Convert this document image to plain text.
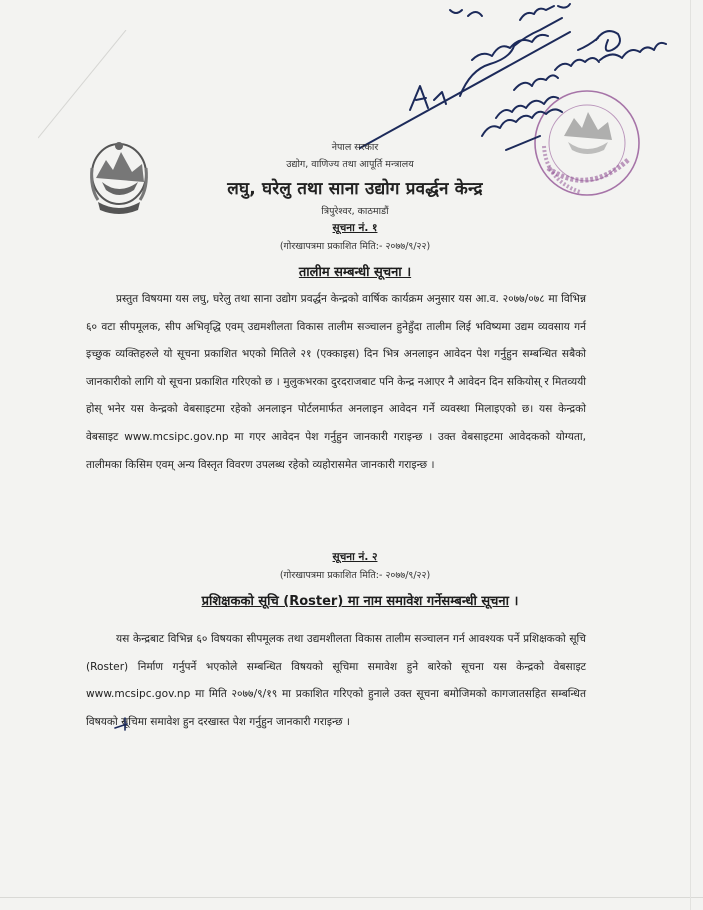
नेपाल सरकार
उद्योग, वाणिज्य तथा आपूर्ति मन्त्रालय
लघु, घरेलु तथा साना उद्योग प्रवर्द्धन केन्द्र
त्रिपुरेश्वर, काठमाडौं
सूचना नं. १
(गोरखापत्रमा प्रकाशित मिति:- २०७७/९/२२)
तालीम सम्बन्धी सूचना ।
प्रस्तुत विषयमा यस लघु, घरेलु तथा साना उद्योग प्रवर्द्धन केन्द्रको वार्षिक कार्यक्रम अनुसार यस आ.व. २०७७/०७८ मा विभिन्न ६० वटा सीपमूलक, सीप अभिवृद्धि एवम् उद्यमशीलता विकास तालीम सञ्चालन हुनेहुँदा तालीम लिई भविष्यमा उद्यम व्यवसाय गर्न इच्छुक व्यक्तिहरुले यो सूचना प्रकाशित भएको मितिले २१ (एक्काइस) दिन भित्र अनलाइन आवेदन पेश गर्नुहुन सम्बन्धित सबैको जानकारीको लागि यो सूचना प्रकाशित गरिएको छ । मुलुकभरका दुरदराजबाट पनि केन्द्र नआएर नै आवेदन दिन सकियोस् र मितव्ययी होस् भनेर यस केन्द्रको वेबसाइटमा रहेको अनलाइन पोर्टलमार्फत अनलाइन आवेदन गर्ने व्यवस्था मिलाइएको छ। यस केन्द्रको वेबसाइट www.mcsipc.gov.np मा गएर आवेदन पेश गर्नुहुन जानकारी गराइन्छ । उक्त वेबसाइटमा आवेदकको योग्यता, तालीमका किसिम एवम् अन्य विस्तृत विवरण उपलब्ध रहेको व्यहोरासमेत जानकारी गराइन्छ ।
सूचना नं. २
(गोरखापत्रमा प्रकाशित मिति:- २०७७/९/२२)
प्रशिक्षकको सूचि (Roster) मा नाम समावेश गर्नेसम्बन्धी सूचना ।
यस केन्द्रबाट विभिन्न ६० विषयका सीपमूलक तथा उद्यमशीलता विकास तालीम सञ्चालन गर्न आवश्यक पर्ने प्रशिक्षकको सूचि (Roster) निर्माण गर्नुपर्ने भएकोले सम्बन्धित विषयको सूचिमा समावेश हुने बारेको सूचना यस केन्द्रको वेबसाइट www.mcsipc.gov.np मा मिति २०७७/९/१९ मा प्रकाशित गरिएको हुनाले उक्त सूचना बमोजिमको कागजातसहित सम्बन्धित विषयको सूचिमा समावेश हुन दरखास्त पेश गर्नुहुन जानकारी गराइन्छ ।
